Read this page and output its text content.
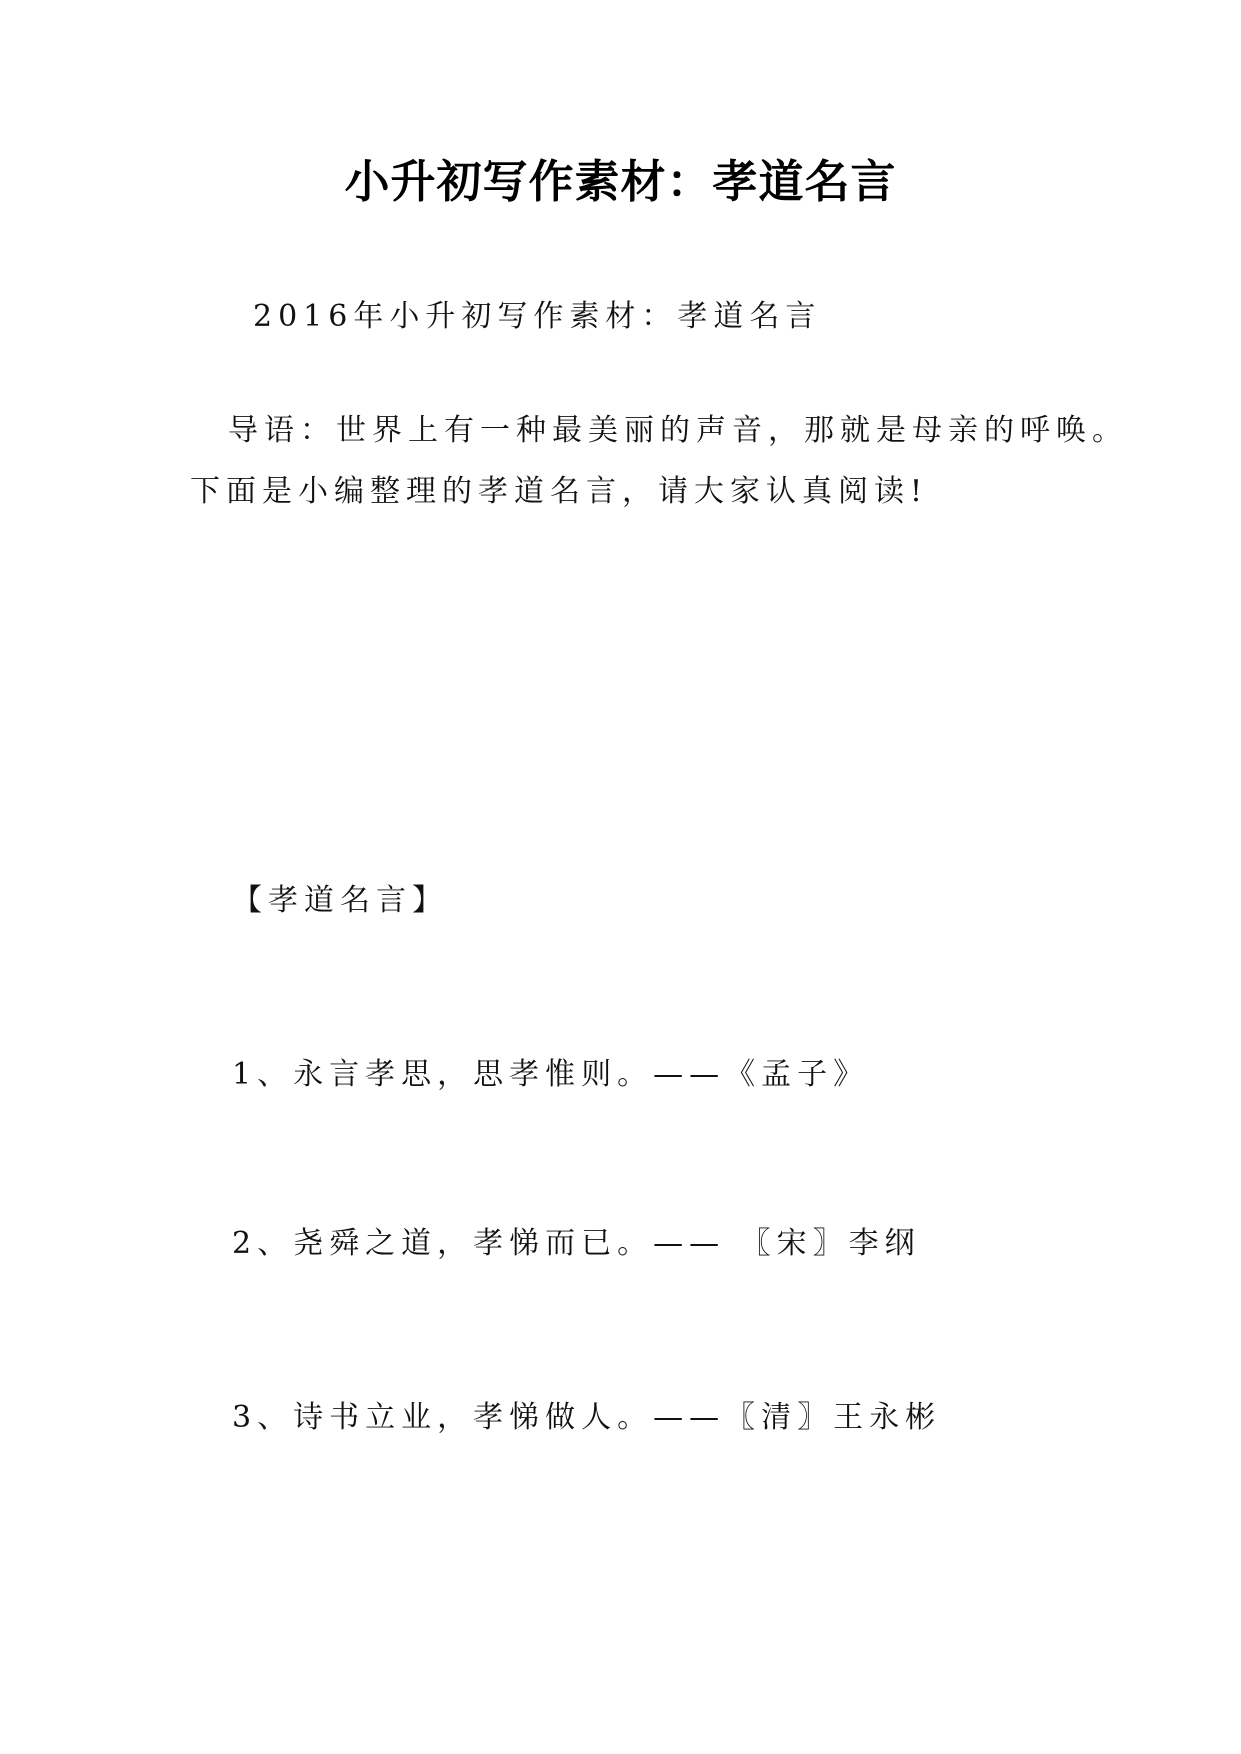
小升初写作素材：孝道名言
2016年小升初写作素材：孝道名言
导语：世界上有一种最美丽的声音，那就是母亲的呼唤。
下面是小编整理的孝道名言，请大家认真阅读!
【孝道名言】
1、永言孝思，思孝惟则。——《孟子》
2、尧舜之道，孝悌而已。—— 〖宋〗李纲
3、诗书立业，孝悌做人。——〖清〗王永彬
